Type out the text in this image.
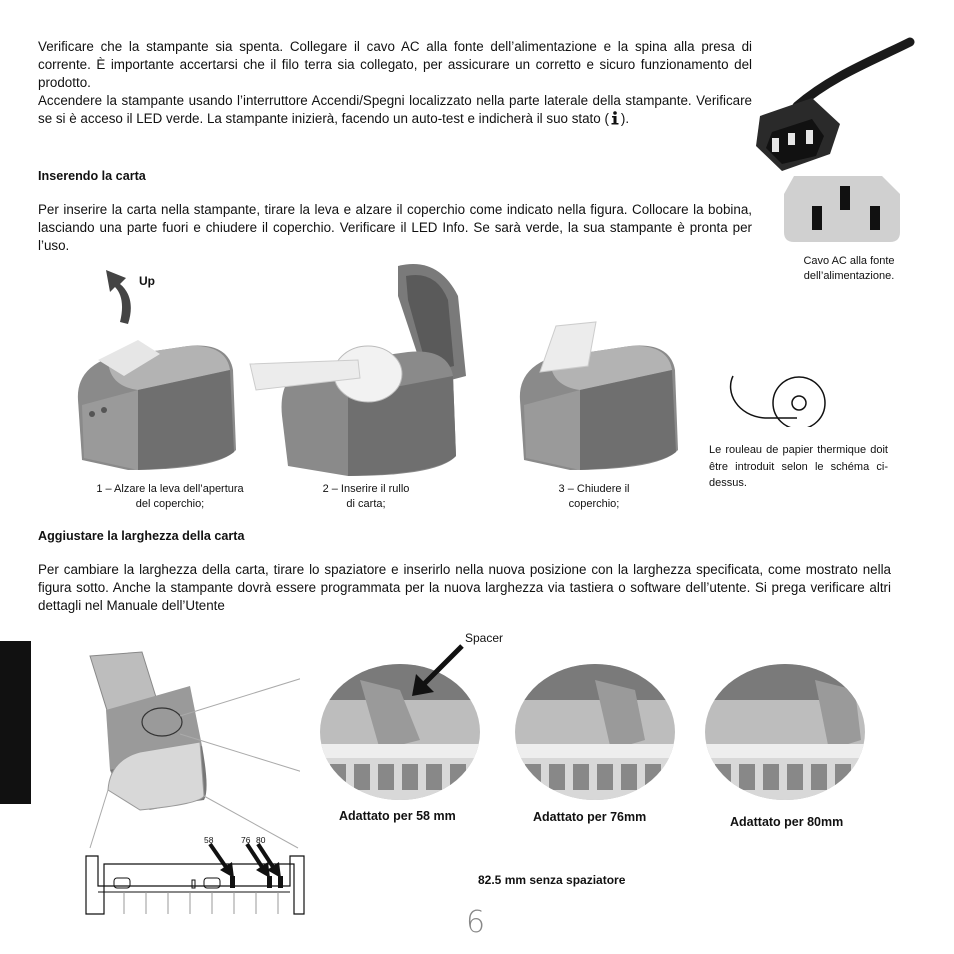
Verificare che la stampante sia spenta. Collegare il cavo AC alla fonte dell’alimentazione e la spina alla presa di corrente. È importante accertarsi che il filo terra sia collegato, per assicurare un corretto e sicuro funzionamento del prodotto.

Accendere la stampante usando l’interruttore Accendi/Spegni localizzato nella parte laterale della stampante. Verificare se si è acceso il LED verde. La stampante inizierà, facendo un auto-test e indicherà il suo stato ( ).

Cavo AC alla fonte
dell’alimentazione.
Inserendo la carta
Per inserire la carta nella stampante, tirare la leva e alzare il coperchio come indicato nella figura. Collocare la bobina, lasciando una parte fuori e chiudere il coperchio. Verificare il LED Info. Se sarà verde, la sua stampante è pronta per l’uso.
Up
Le rouleau de papier thermique doit être introduit selon le schéma ci-dessus.
1 – Alzare la leva dell’apertura
del coperchio;
2 – Inserire il rullo
di carta;
3 – Chiudere il
coperchio;
Aggiustare la larghezza della carta
Per cambiare la larghezza della carta, tirare lo spaziatore e inserirlo nella nuova posizione con la larghezza specificata, come mostrato nella figura sotto. Anche la stampante dovrà essere programmata per la nuova larghezza via tastiera o software dell’utente. Si prega verificare altri dettagli nel Manuale dell’Utente
Spacer
Adattato per 58 mm	Adattato per 76mm	Adattato per 80mm
58	76 80
82.5 mm senza spaziatore
6
